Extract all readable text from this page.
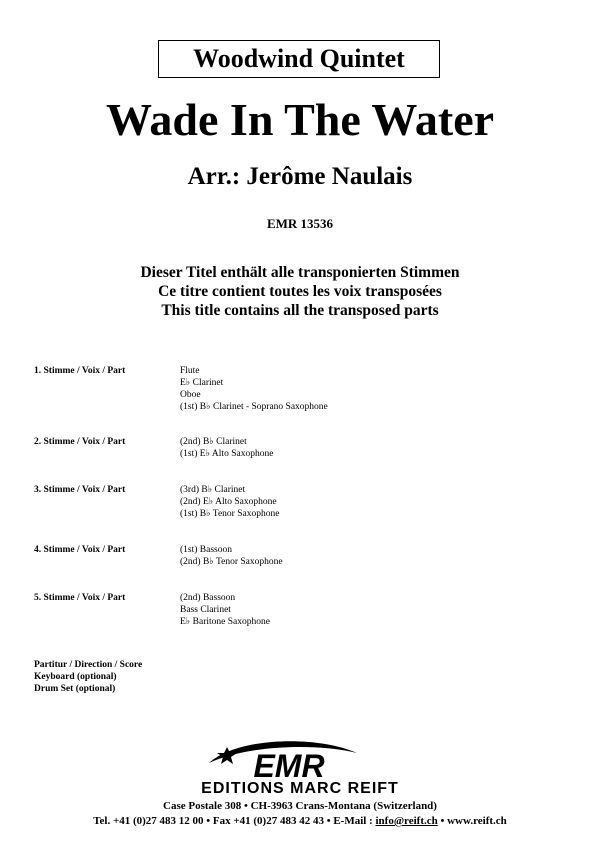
Woodwind Quintet
Wade In The Water
Arr.: Jerôme Naulais
EMR 13536
Dieser Titel enthält alle transponierten Stimmen
Ce titre contient toutes les voix transposées
This title contains all the transposed parts
1. Stimme / Voix / Part	Flute
E♭ Clarinet
Oboe
(1st) B♭ Clarinet - Soprano Saxophone
2. Stimme / Voix / Part	(2nd) B♭ Clarinet
(1st) E♭ Alto Saxophone
3. Stimme / Voix / Part	(3rd) B♭ Clarinet
(2nd) E♭ Alto Saxophone
(1st) B♭ Tenor Saxophone
4. Stimme / Voix / Part	(1st) Bassoon
(2nd) B♭ Tenor Saxophone
5. Stimme / Voix / Part	(2nd) Bassoon
Bass Clarinet
E♭ Baritone Saxophone
Partitur / Direction / Score
Keyboard (optional)
Drum Set (optional)
EMR
EDITIONS MARC REIFT
Case Postale 308 • CH-3963 Crans-Montana (Switzerland)
Tel. +41 (0)27 483 12 00 • Fax +41 (0)27 483 42 43 • E-Mail : info@reift.ch • www.reift.ch
